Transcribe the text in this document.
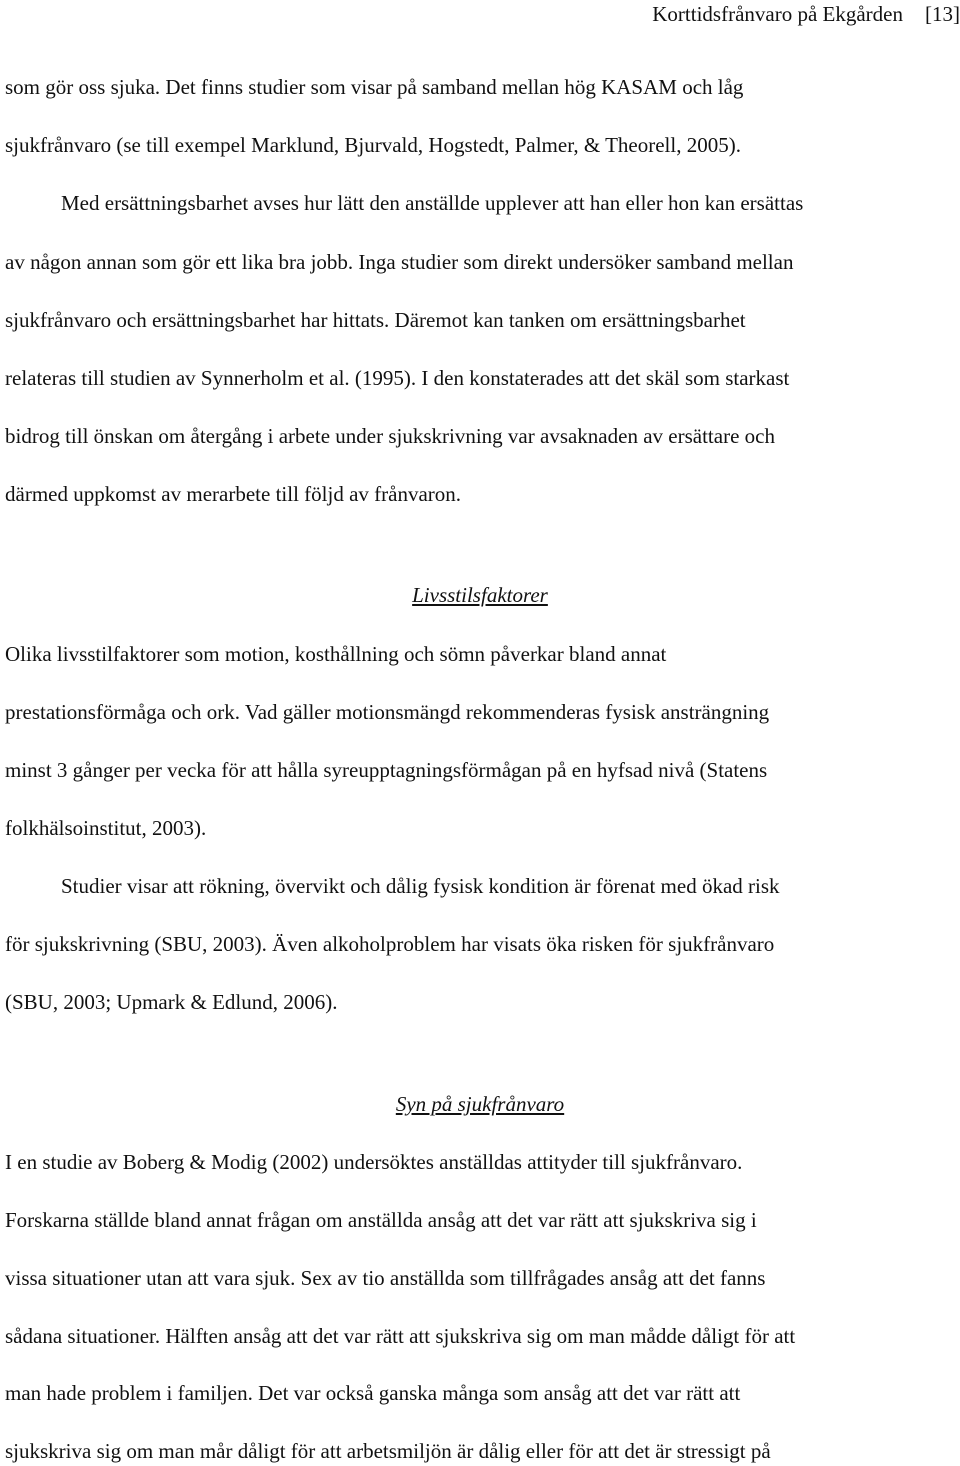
Korttidsfrånvaro på Ekgården [13]
som gör oss sjuka. Det finns studier som visar på samband mellan hög KASAM och låg
sjukfrånvaro (se till exempel Marklund, Bjurvald, Hogstedt, Palmer, & Theorell, 2005).
Med ersättningsbarhet avses hur lätt den anställde upplever att han eller hon kan ersättas
av någon annan som gör ett lika bra jobb. Inga studier som direkt undersöker samband mellan
sjukfrånvaro och ersättningsbarhet har hittats. Däremot kan tanken om ersättningsbarhet
relateras till studien av Synnerholm et al. (1995). I den konstaterades att det skäl som starkast
bidrog till önskan om återgång i arbete under sjukskrivning var avsaknaden av ersättare och
därmed uppkomst av merarbete till följd av frånvaron.
Livsstilsfaktorer
Olika livsstilfaktorer som motion, kosthållning och sömn påverkar bland annat
prestationsförmåga och ork. Vad gäller motionsmängd rekommenderas fysisk ansträngning
minst 3 gånger per vecka för att hålla syreupptagningsförmågan på en hyfsad nivå (Statens
folkhälsoinstitut, 2003).
Studier visar att rökning, övervikt och dålig fysisk kondition är förenat med ökad risk
för sjukskrivning (SBU, 2003). Även alkoholproblem har visats öka risken för sjukfrånvaro
(SBU, 2003; Upmark & Edlund, 2006).
Syn på sjukfrånvaro
I en studie av Boberg & Modig (2002) undersöktes anställdas attityder till sjukfrånvaro.
Forskarna ställde bland annat frågan om anställda ansåg att det var rätt att sjukskriva sig i
vissa situationer utan att vara sjuk. Sex av tio anställda som tillfrågades ansåg att det fanns
sådana situationer. Hälften ansåg att det var rätt att sjukskriva sig om man mådde dåligt för att
man hade problem i familjen. Det var också ganska många som ansåg att det var rätt att
sjukskriva sig om man mår dåligt för att arbetsmiljön är dålig eller för att det är stressigt på
